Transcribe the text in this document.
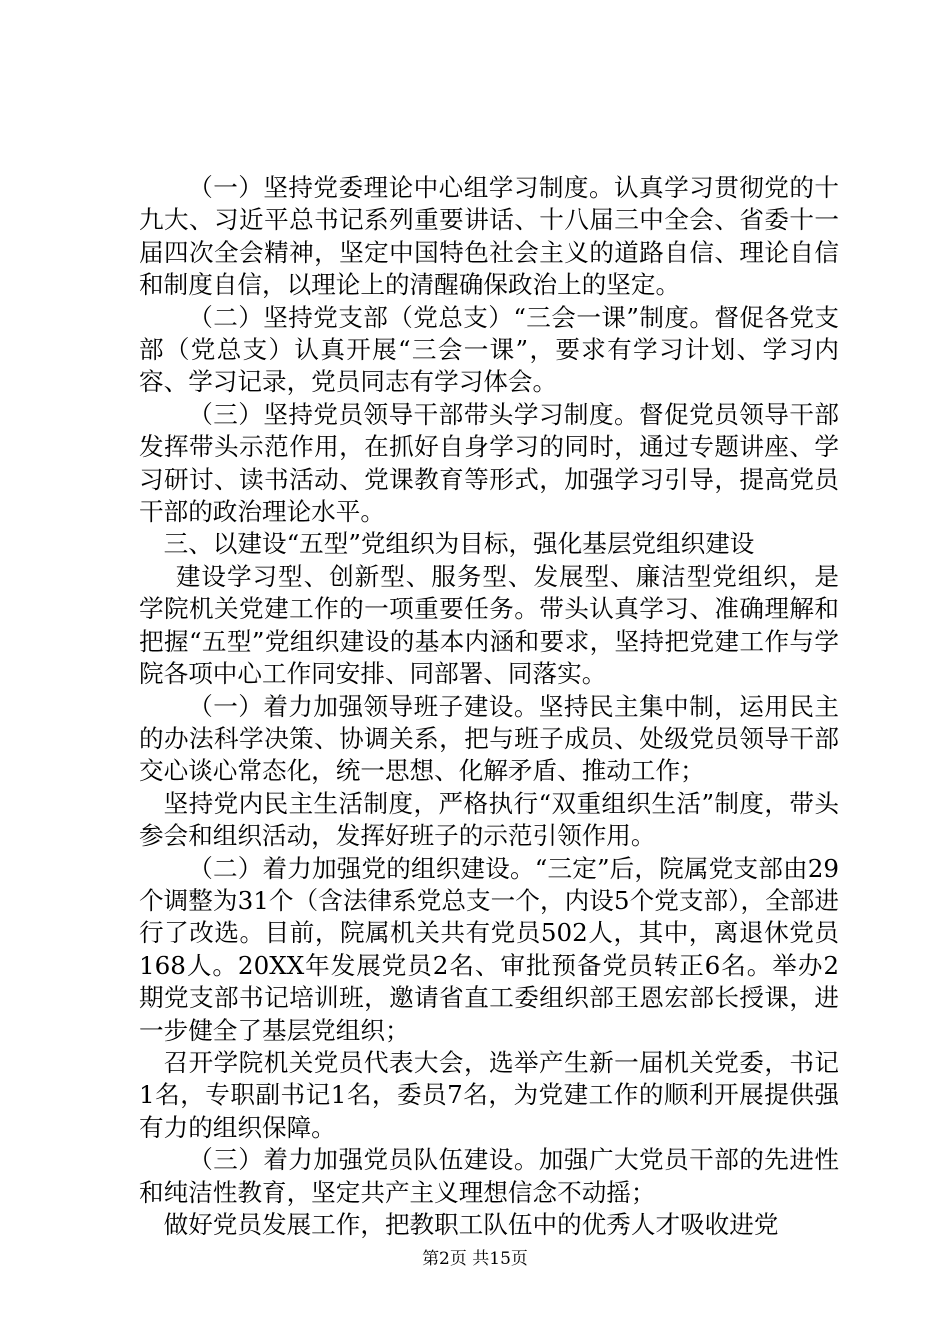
（一）坚持党委理论中心组学习制度。认真学习贯彻党的十九大、习近平总书记系列重要讲话、十八届三中全会、省委十一届四次全会精神，坚定中国特色社会主义的道路自信、理论自信和制度自信，以理论上的清醒确保政治上的坚定。

（二）坚持党支部（党总支）“三会一课”制度。督促各党支部（党总支）认真开展“三会一课”，要求有学习计划、学习内容、学习记录，党员同志有学习体会。

（三）坚持党员领导干部带头学习制度。督促党员领导干部发挥带头示范作用，在抓好自身学习的同时，通过专题讲座、学习研讨、读书活动、党课教育等形式，加强学习引导，提高党员干部的政治理论水平。

三、以建设“五型”党组织为目标，强化基层党组织建设

建设学习型、创新型、服务型、发展型、廉洁型党组织，是学院机关党建工作的一项重要任务。带头认真学习、准确理解和把握“五型”党组织建设的基本内涵和要求，坚持把党建工作与学院各项中心工作同安排、同部署、同落实。

（一）着力加强领导班子建设。坚持民主集中制，运用民主的办法科学决策、协调关系，把与班子成员、处级党员领导干部交心谈心常态化，统一思想、化解矛盾、推动工作；

坚持党内民主生活制度，严格执行“双重组织生活”制度，带头参会和组织活动，发挥好班子的示范引领作用。

（二）着力加强党的组织建设。“三定”后，院属党支部由29个调整为31个（含法律系党总支一个，内设5个党支部），全部进行了改选。目前，院属机关共有党员502人，其中，离退休党员168人。20XX年发展党员2名、审批预备党员转正6名。举办2期党支部书记培训班，邀请省直工委组织部王恩宏部长授课，进一步健全了基层党组织；

召开学院机关党员代表大会，选举产生新一届机关党委，书记1名，专职副书记1名，委员7名，为党建工作的顺利开展提供强有力的组织保障。

（三）着力加强党员队伍建设。加强广大党员干部的先进性和纯洁性教育，坚定共产主义理想信念不动摇；

做好党员发展工作，把教职工队伍中的优秀人才吸收进党

第2页 共15页
